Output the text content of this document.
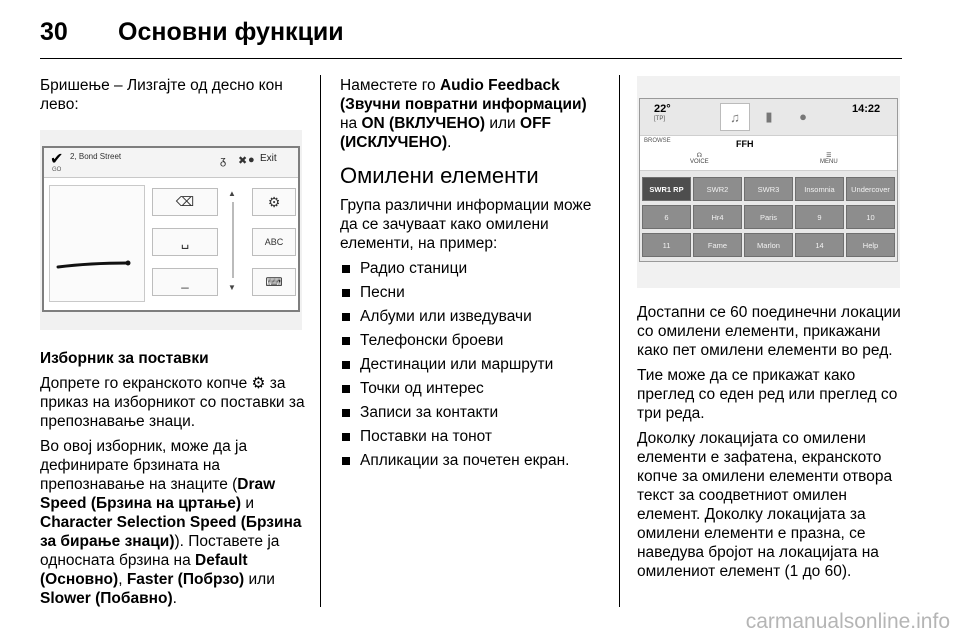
30 Основни функции

Бришење – Лизгајте од десно кон лево:

✔ 2, Bond Street
GO
ᵹ ✖ ● Exit
⌫
␣
_
▲
▼
⚙
ABC
⌨

Изборник за поставки

Допрете го екранското копче ⚙ за приказ на изборникот со поставки за препознавање знаци.

Во овој изборник, може да ја дефинирате брзината на препознавање на знаците (Draw Speed (Брзина на цртање) и Character Selection Speed (Брзина за бирање знаци)). Поставете ја односната брзина на Default (Основно), Faster (Побрзо) или Slower (Побавно).

Наместете го Audio Feedback (Звучни повратни информации) на ON (ВКЛУЧЕНО) или OFF (ИСКЛУЧЕНО).

Омилени елементи

Група различни информации може да се зачуваат како омилени елементи, на пример:

Радио станици
Песни
Албуми или изведувачи
Телефонски броеви
Дестинации или маршрути
Точки од интерес
Записи за контакти
Поставки на тонот
Апликации за почетен екран.
22°
[TP]	♫	▮	●	14:22
BROWSE	FFH
☊
VOICE
☰
MENU
SWR1 RP	SWR2	SWR3	Insomnia	Undercover
6	Hr4	Paris	9	10
11	Fame	Marlon	14	Help

Достапни се 60 поединечни локации со омилени елементи, прикажани како пет омилени елементи во ред.

Тие може да се прикажат како преглед со еден ред или преглед со три реда.

Доколку локацијата со омилени елементи е зафатена, екранското копче за омилени елементи отвора текст за соодветниот омилен елемент. Доколку локацијата за омилени елементи е празна, се наведува бројот на локацијата на омилениот елемент (1 до 60).

carmanualsonline.info
